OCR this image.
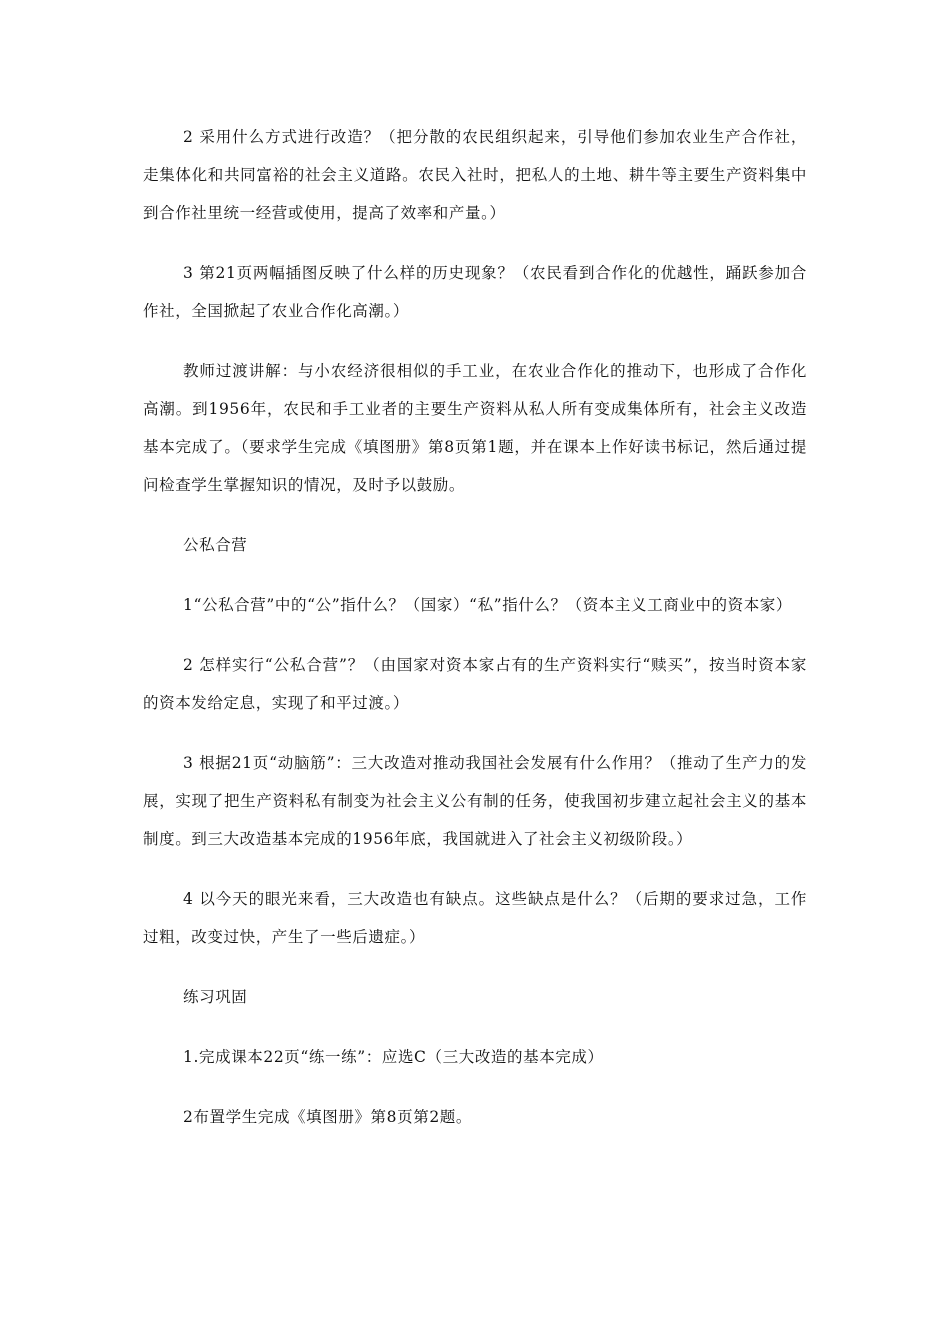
2 采用什么方式进行改造？（把分散的农民组织起来，引导他们参加农业生产合作社，走集体化和共同富裕的社会主义道路。农民入社时，把私人的土地、耕牛等主要生产资料集中到合作社里统一经营或使用，提高了效率和产量。）

3 第21页两幅插图反映了什么样的历史现象？（农民看到合作化的优越性，踊跃参加合作社，全国掀起了农业合作化高潮。）

教师过渡讲解：与小农经济很相似的手工业，在农业合作化的推动下，也形成了合作化高潮。到1956年，农民和手工业者的主要生产资料从私人所有变成集体所有，社会主义改造基本完成了。（要求学生完成《填图册》第8页第1题，并在课本上作好读书标记，然后通过提问检查学生掌握知识的情况，及时予以鼓励。

公私合营

1“公私合营”中的“公”指什么？（国家）“私”指什么？（资本主义工商业中的资本家）

2 怎样实行“公私合营”？（由国家对资本家占有的生产资料实行“赎买”，按当时资本家的资本发给定息，实现了和平过渡。）

3 根据21页“动脑筋”：三大改造对推动我国社会发展有什么作用？（推动了生产力的发展，实现了把生产资料私有制变为社会主义公有制的任务，使我国初步建立起社会主义的基本制度。到三大改造基本完成的1956年底，我国就进入了社会主义初级阶段。）

4 以今天的眼光来看，三大改造也有缺点。这些缺点是什么？（后期的要求过急，工作过粗，改变过快，产生了一些后遗症。）

练习巩固

1.完成课本22页“练一练”：应选C（三大改造的基本完成）

2布置学生完成《填图册》第8页第2题。
